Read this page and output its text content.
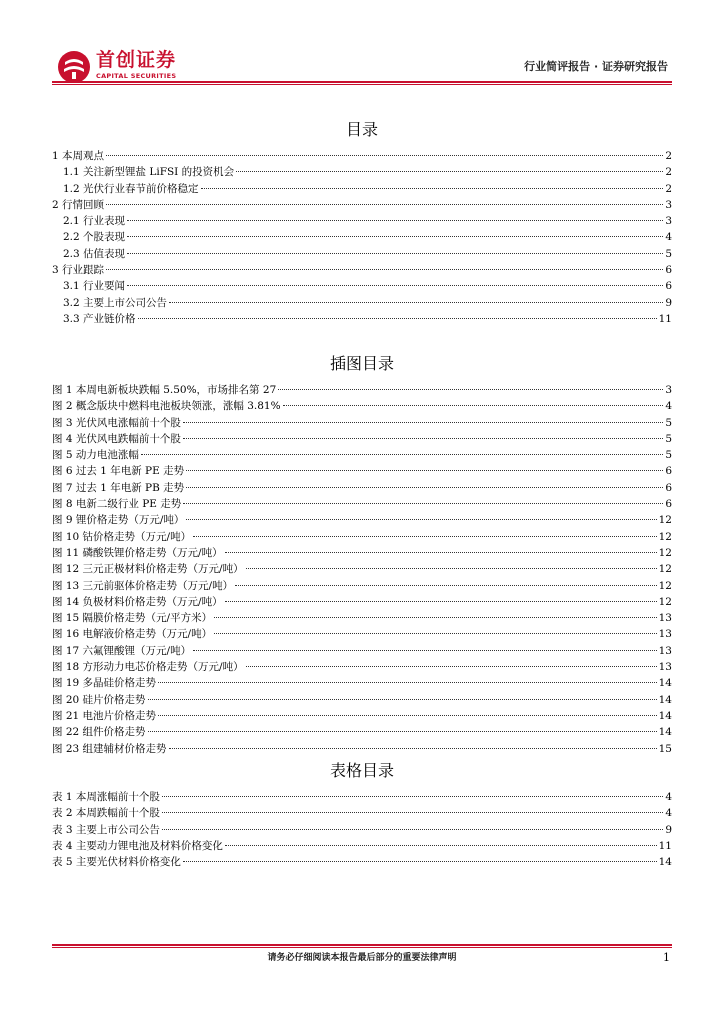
首创证券
CAPITAL SECURITIES
行业简评报告 · 证券研究报告
目录
1 本周观点	2
1.1 关注新型锂盐 LiFSI 的投资机会	2
1.2 光伏行业春节前价格稳定	2
2 行情回顾	3
2.1 行业表现	3
2.2 个股表现	4
2.3 估值表现	5
3 行业跟踪	6
3.1 行业要闻	6
3.2 主要上市公司公告	9
3.3 产业链价格	11
插图目录
图 1 本周电新板块跌幅 5.50%，市场排名第 27	3
图 2 概念版块中燃料电池板块领涨，涨幅 3.81%	4
图 3 光伏风电涨幅前十个股	5
图 4 光伏风电跌幅前十个股	5
图 5 动力电池涨幅	5
图 6 过去 1 年电新 PE 走势	6
图 7 过去 1 年电新 PB 走势	6
图 8 电新二级行业 PE 走势	6
图 9 锂价格走势（万元/吨）	12
图 10 钴价格走势（万元/吨）	12
图 11 磷酸铁锂价格走势（万元/吨）	12
图 12 三元正极材料价格走势（万元/吨）	12
图 13 三元前驱体价格走势（万元/吨）	12
图 14 负极材料价格走势（万元/吨）	12
图 15 隔膜价格走势（元/平方米）	13
图 16 电解液价格走势（万元/吨）	13
图 17 六氟锂酸锂（万元/吨）	13
图 18 方形动力电芯价格走势（万元/吨）	13
图 19 多晶硅价格走势	14
图 20 硅片价格走势	14
图 21 电池片价格走势	14
图 22 组件价格走势	14
图 23 组建辅材价格走势	15
表格目录
表 1 本周涨幅前十个股	4
表 2 本周跌幅前十个股	4
表 3 主要上市公司公告	9
表 4 主要动力锂电池及材料价格变化	11
表 5 主要光伏材料价格变化	14
请务必仔细阅读本报告最后部分的重要法律声明	1
